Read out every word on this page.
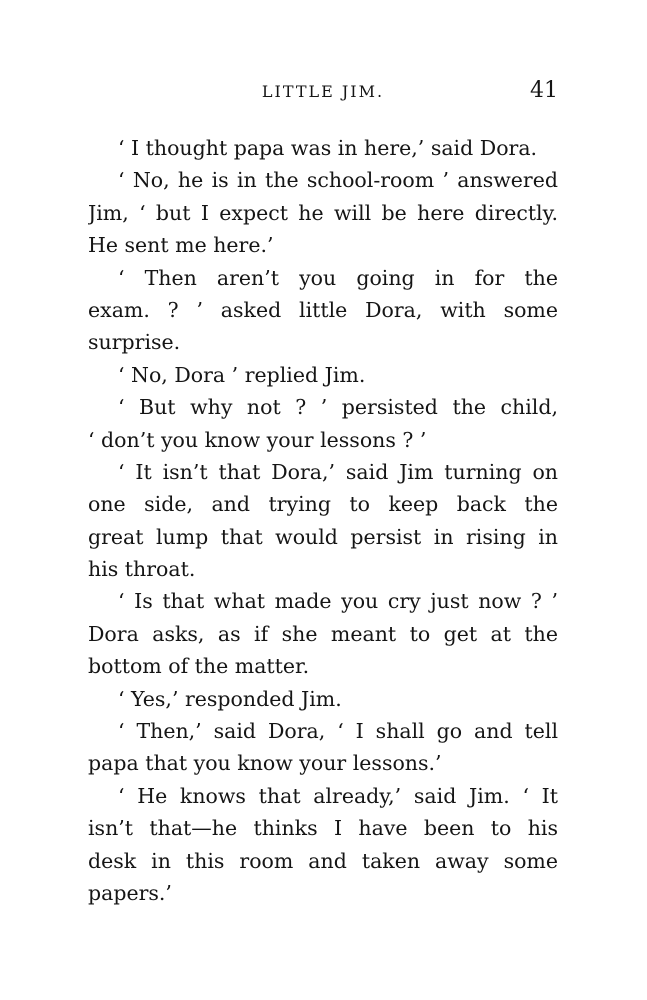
LITTLE JIM.	41
‘ I thought papa was in here,’ said Dora.
‘ No, he is in the school-room ’ answered
Jim, ‘ but I expect he will be here directly.
He sent me here.’
‘ Then aren’t you going in for the
exam. ? ’ asked little Dora, with some
surprise.
‘ No, Dora ’ replied Jim.
‘ But why not ? ’ persisted the child,
‘ don’t you know your lessons ? ’
‘ It isn’t that Dora,’ said Jim turning on
one side, and trying to keep back the
great lump that would persist in rising in
his throat.
‘ Is that what made you cry just now ? ’
Dora asks, as if she meant to get at the
bottom of the matter.
‘ Yes,’ responded Jim.
‘ Then,’ said Dora, ‘ I shall go and tell
papa that you know your lessons.’
‘ He knows that already,’ said Jim. ‘ It
isn’t that—he thinks I have been to his
desk in this room and taken away some
papers.’
